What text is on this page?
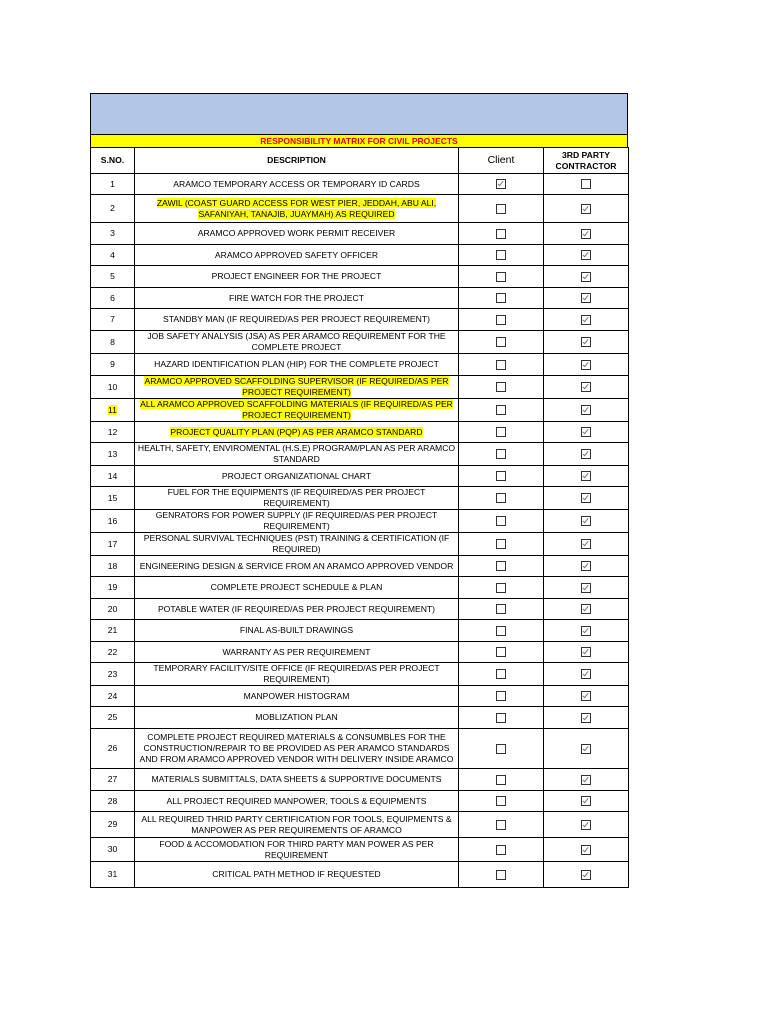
RESPONSIBILITY MATRIX FOR CIVIL PROJECTS
S.NO.	DESCRIPTION	Client	3RD PARTY CONTRACTOR
1	ARAMCO TEMPORARY ACCESS OR TEMPORARY ID CARDS		
2	ZAWIL (COAST GUARD ACCESS FOR WEST PIER, JEDDAH, ABU ALI, SAFANIYAH, TANAJIB, JUAYMAH) AS REQUIRED		
3	ARAMCO APPROVED WORK PERMIT RECEIVER		
4	ARAMCO APPROVED SAFETY OFFICER		
5	PROJECT ENGINEER FOR THE PROJECT		
6	FIRE WATCH FOR THE PROJECT		
7	STANDBY MAN (IF REQUIRED/AS PER PROJECT REQUIREMENT)		
8	JOB SAFETY ANALYSIS (JSA) AS PER ARAMCO REQUIREMENT FOR THE COMPLETE PROJECT		
9	HAZARD IDENTIFICATION PLAN (HIP) FOR THE COMPLETE PROJECT		
10	ARAMCO APPROVED SCAFFOLDING SUPERVISOR (IF REQUIRED/AS PER PROJECT REQUIREMENT)		
11	ALL ARAMCO APPROVED SCAFFOLDING MATERIALS (IF REQUIRED/AS PER PROJECT REQUIREMENT)		
12	PROJECT QUALITY PLAN (PQP) AS PER ARAMCO STANDARD		
13	HEALTH, SAFETY, ENVIROMENTAL (H.S.E) PROGRAM/PLAN AS PER ARAMCO STANDARD		
14	PROJECT ORGANIZATIONAL CHART		
15	FUEL FOR THE EQUIPMENTS (IF REQUIRED/AS PER PROJECT REQUIREMENT)		
16	GENRATORS FOR POWER SUPPLY (IF REQUIRED/AS PER PROJECT REQUIREMENT)		
17	PERSONAL SURVIVAL TECHNIQUES (PST) TRAINING & CERTIFICATION (IF REQUIRED)		
18	ENGINEERING DESIGN & SERVICE FROM AN ARAMCO APPROVED VENDOR		
19	COMPLETE PROJECT SCHEDULE & PLAN		
20	POTABLE WATER (IF REQUIRED/AS PER PROJECT REQUIREMENT)		
21	FINAL AS-BUILT DRAWINGS		
22	WARRANTY AS PER REQUIREMENT		
23	TEMPORARY FACILITY/SITE OFFICE (IF REQUIRED/AS PER PROJECT REQUIREMENT)		
24	MANPOWER HISTOGRAM		
25	MOBLIZATION PLAN		
26	COMPLETE PROJECT REQUIRED MATERIALS & CONSUMBLES FOR THE CONSTRUCTION/REPAIR TO BE PROVIDED AS PER ARAMCO STANDARDS AND FROM ARAMCO APPROVED VENDOR WITH DELIVERY INSIDE ARAMCO		
27	MATERIALS SUBMITTALS, DATA SHEETS & SUPPORTIVE DOCUMENTS		
28	ALL PROJECT REQUIRED MANPOWER, TOOLS & EQUIPMENTS		
29	ALL REQUIRED THRID PARTY CERTIFICATION FOR TOOLS, EQUIPMENTS & MANPOWER AS PER REQUIREMENTS OF ARAMCO		
30	FOOD & ACCOMODATION FOR THIRD PARTY MAN POWER AS PER REQUIREMENT		
31	CRITICAL PATH METHOD IF REQUESTED		
